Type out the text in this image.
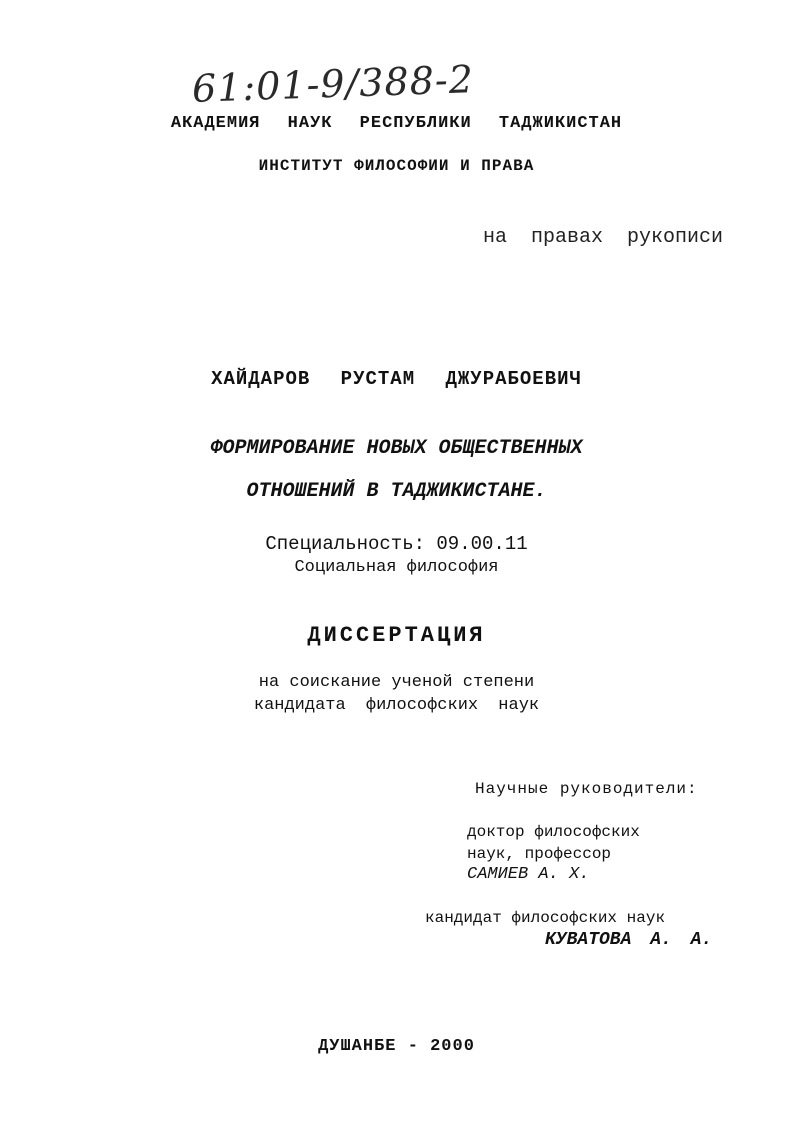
61:01-9/388-2
АКАДЕМИЯ НАУК РЕСПУБЛИКИ ТАДЖИКИСТАН
ИНСТИТУТ ФИЛОСОФИИ И ПРАВА
на правах рукописи
ХАЙДАРОВ РУСТАМ ДЖУРАБОЕВИЧ
ФОРМИРОВАНИЕ НОВЫХ ОБЩЕСТВЕННЫХ
ОТНОШЕНИЙ В ТАДЖИКИСТАНЕ.
Специальность: 09.00.11
Социальная философия
ДИССЕРТАЦИЯ
на соискание ученой степени
кандидата философских наук
Научные руководители:
доктор философских
наук, профессор
САМИЕВ А. Х.
кандидат философских наук
КУВАТОВА А. А.
ДУШАНБЕ - 2000
